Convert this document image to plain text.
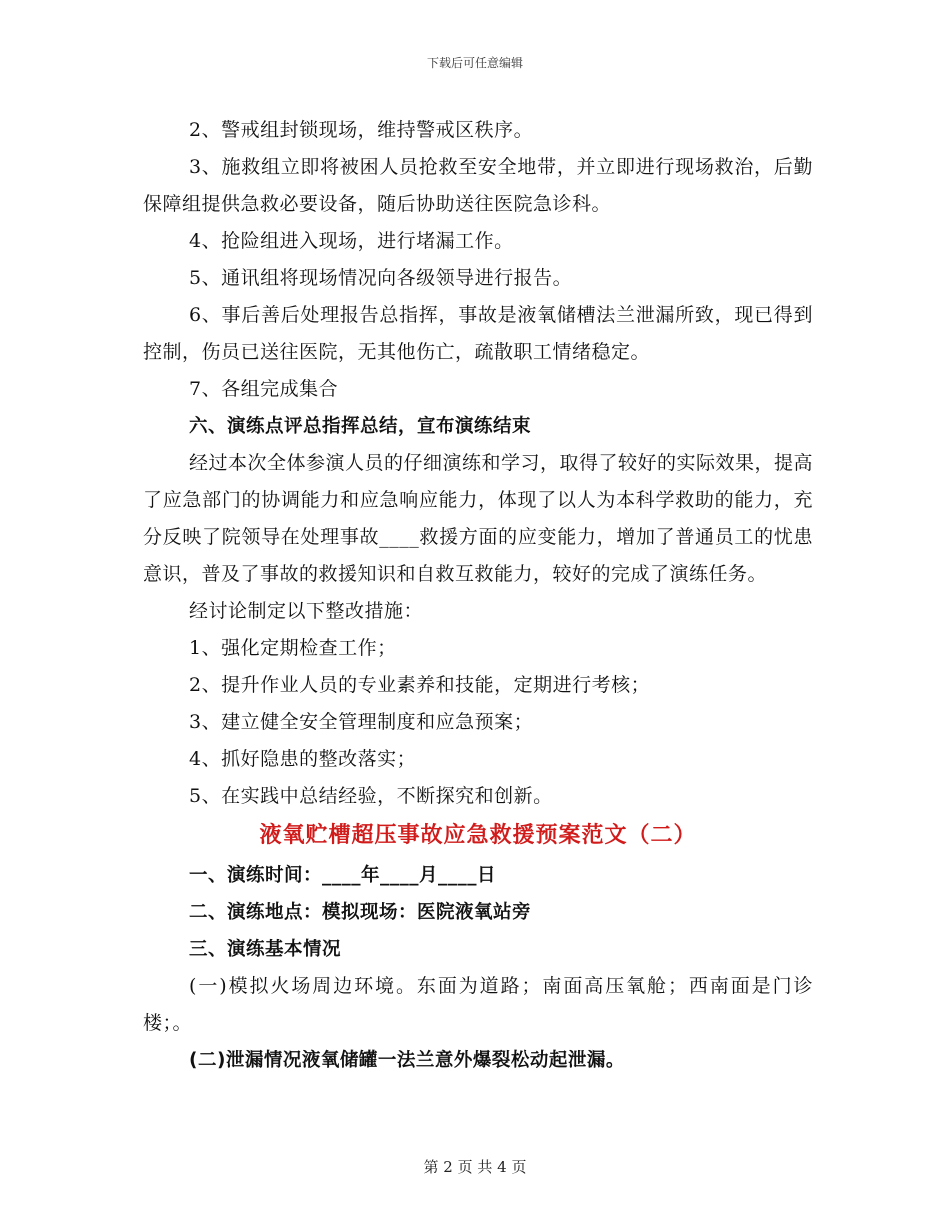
下载后可任意编辑

2、警戒组封锁现场，维持警戒区秩序。

3、施救组立即将被困人员抢救至安全地带，并立即进行现场救治，后勤保障组提供急救必要设备，随后协助送往医院急诊科。

4、抢险组进入现场，进行堵漏工作。

5、通讯组将现场情况向各级领导进行报告。

6、事后善后处理报告总指挥，事故是液氧储槽法兰泄漏所致，现已得到控制，伤员已送往医院，无其他伤亡，疏散职工情绪稳定。

7、各组完成集合

六、演练点评总指挥总结，宣布演练结束

经过本次全体参演人员的仔细演练和学习，取得了较好的实际效果，提高了应急部门的协调能力和应急响应能力，体现了以人为本科学救助的能力，充分反映了院领导在处理事故____救援方面的应变能力，增加了普通员工的忧患意识，普及了事故的救援知识和自救互救能力，较好的完成了演练任务。

经讨论制定以下整改措施：

1、强化定期检查工作；

2、提升作业人员的专业素养和技能，定期进行考核；

3、建立健全安全管理制度和应急预案；

4、抓好隐患的整改落实；

5、在实践中总结经验，不断探究和创新。

液氧贮槽超压事故应急救援预案范文（二）

一、演练时间：____年____月____日

二、演练地点：模拟现场：医院液氧站旁

三、演练基本情况

(一)模拟火场周边环境。东面为道路；南面高压氧舱；西南面是门诊楼；。

(二)泄漏情况液氧储罐一法兰意外爆裂松动起泄漏。

第 2 页 共 4 页
